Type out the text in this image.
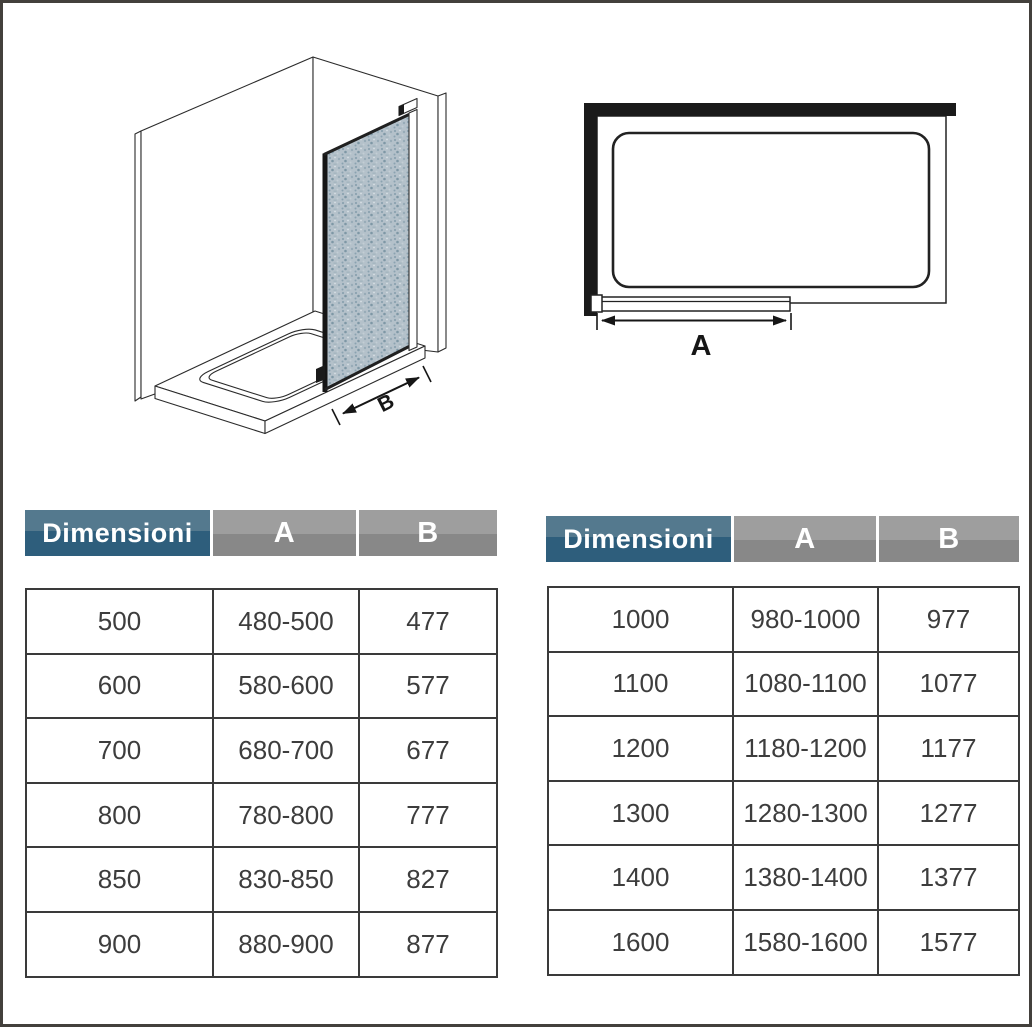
B
A
Dimensioni	A	B
500	480-500	477
600	580-600	577
700	680-700	677
800	780-800	777
850	830-850	827
900	880-900	877
Dimensioni	A	B
1000	980-1000	977
1100	1080-1100	1077
1200	1180-1200	1177
1300	1280-1300	1277
1400	1380-1400	1377
1600	1580-1600	1577
